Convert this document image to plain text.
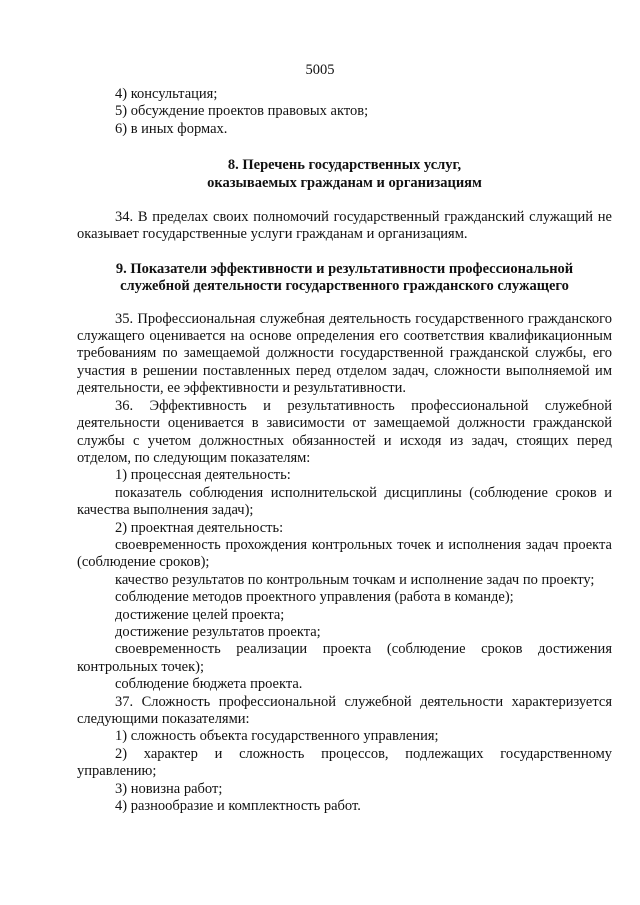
5005

4) консультация;

5) обсуждение проектов правовых актов;

6) в иных формах.

8. Перечень государственных услуг,

оказываемых гражданам и организациям

34. В пределах своих полномочий государственный гражданский служащий не оказывает государственные услуги гражданам и организациям.

9. Показатели эффективности и результативности профессиональной

служебной деятельности государственного гражданского служащего

35. Профессиональная служебная деятельность государственного гражданского служащего оценивается на основе определения его соответствия квалификационным требованиям по замещаемой должности государственной гражданской службы, его участия в решении поставленных перед отделом задач, сложности выполняемой им деятельности, ее эффективности и результативности.

36. Эффективность и результативность профессиональной служебной деятельности оценивается в зависимости от замещаемой должности гражданской службы с учетом должностных обязанностей и исходя из задач, стоящих перед отделом, по следующим показателям:

1) процессная деятельность:

показатель соблюдения исполнительской дисциплины (соблюдение сроков и качества выполнения задач);

2) проектная деятельность:

своевременность прохождения контрольных точек и исполнения задач проекта (соблюдение сроков);

качество результатов по контрольным точкам и исполнение задач по проекту;

соблюдение методов проектного управления (работа в команде);

достижение целей проекта;

достижение результатов проекта;

своевременность реализации проекта (соблюдение сроков достижения контрольных точек);

соблюдение бюджета проекта.

37. Сложность профессиональной служебной деятельности характеризуется следующими показателями:

1) сложность объекта государственного управления;

2) характер и сложность процессов, подлежащих государственному управлению;

3) новизна работ;

4) разнообразие и комплектность работ.
